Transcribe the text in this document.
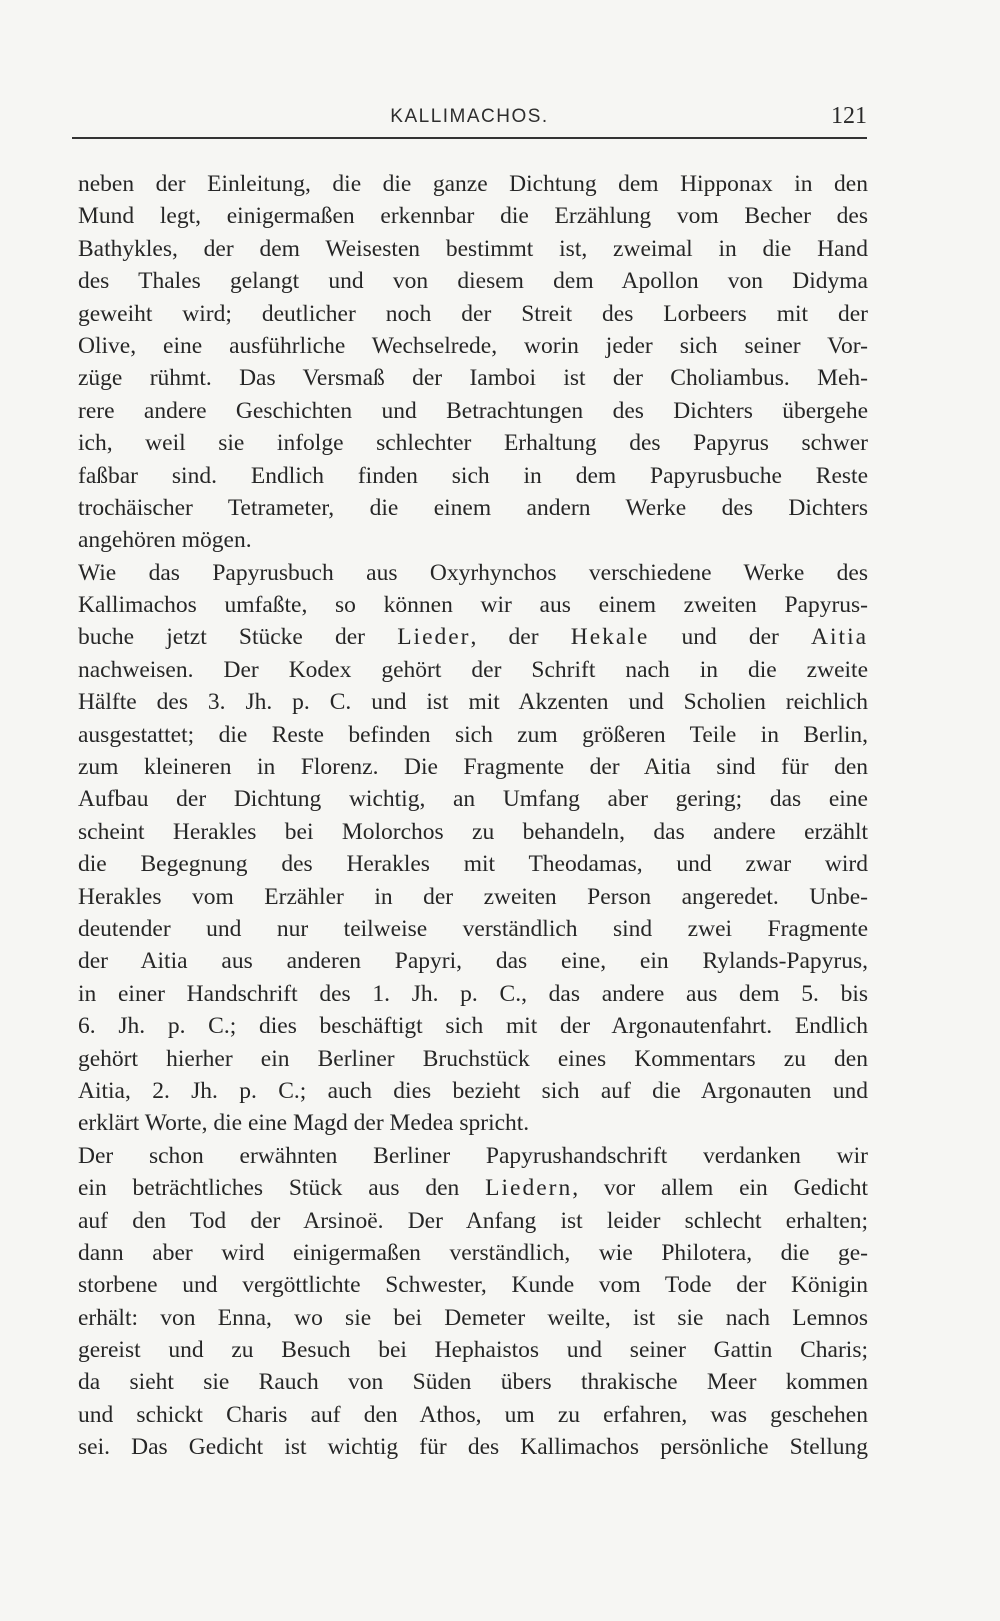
KALLIMACHOS.	121
neben der Einleitung, die die ganze Dichtung dem Hipponax in den
Mund legt, einigermaßen erkennbar die Erzählung vom Becher des
Bathykles, der dem Weisesten bestimmt ist, zweimal in die Hand
des Thales gelangt und von diesem dem Apollon von Didyma
geweiht wird; deutlicher noch der Streit des Lorbeers mit der
Olive, eine ausführliche Wechselrede, worin jeder sich seiner Vor-
züge rühmt. Das Versmaß der Iamboi ist der Choliambus. Meh-
rere andere Geschichten und Betrachtungen des Dichters übergehe
ich, weil sie infolge schlechter Erhaltung des Papyrus schwer
faßbar sind. Endlich finden sich in dem Papyrusbuche Reste
trochäischer Tetrameter, die einem andern Werke des Dichters
angehören mögen.
Wie das Papyrusbuch aus Oxyrhynchos verschiedene Werke des
Kallimachos umfaßte, so können wir aus einem zweiten Papyrus-
buche jetzt Stücke der Lieder, der Hekale und der Aitia
nachweisen. Der Kodex gehört der Schrift nach in die zweite
Hälfte des 3. Jh. p. C. und ist mit Akzenten und Scholien reichlich
ausgestattet; die Reste befinden sich zum größeren Teile in Berlin,
zum kleineren in Florenz. Die Fragmente der Aitia sind für den
Aufbau der Dichtung wichtig, an Umfang aber gering; das eine
scheint Herakles bei Molorchos zu behandeln, das andere erzählt
die Begegnung des Herakles mit Theodamas, und zwar wird
Herakles vom Erzähler in der zweiten Person angeredet. Unbe-
deutender und nur teilweise verständlich sind zwei Fragmente
der Aitia aus anderen Papyri, das eine, ein Rylands-Papyrus,
in einer Handschrift des 1. Jh. p. C., das andere aus dem 5. bis
6. Jh. p. C.; dies beschäftigt sich mit der Argonautenfahrt. Endlich
gehört hierher ein Berliner Bruchstück eines Kommentars zu den
Aitia, 2. Jh. p. C.; auch dies bezieht sich auf die Argonauten und
erklärt Worte, die eine Magd der Medea spricht.
Der schon erwähnten Berliner Papyrushandschrift verdanken wir
ein beträchtliches Stück aus den Liedern, vor allem ein Gedicht
auf den Tod der Arsinoë. Der Anfang ist leider schlecht erhalten;
dann aber wird einigermaßen verständlich, wie Philotera, die ge-
storbene und vergöttlichte Schwester, Kunde vom Tode der Königin
erhält: von Enna, wo sie bei Demeter weilte, ist sie nach Lemnos
gereist und zu Besuch bei Hephaistos und seiner Gattin Charis;
da sieht sie Rauch von Süden übers thrakische Meer kommen
und schickt Charis auf den Athos, um zu erfahren, was geschehen
sei. Das Gedicht ist wichtig für des Kallimachos persönliche Stellung
